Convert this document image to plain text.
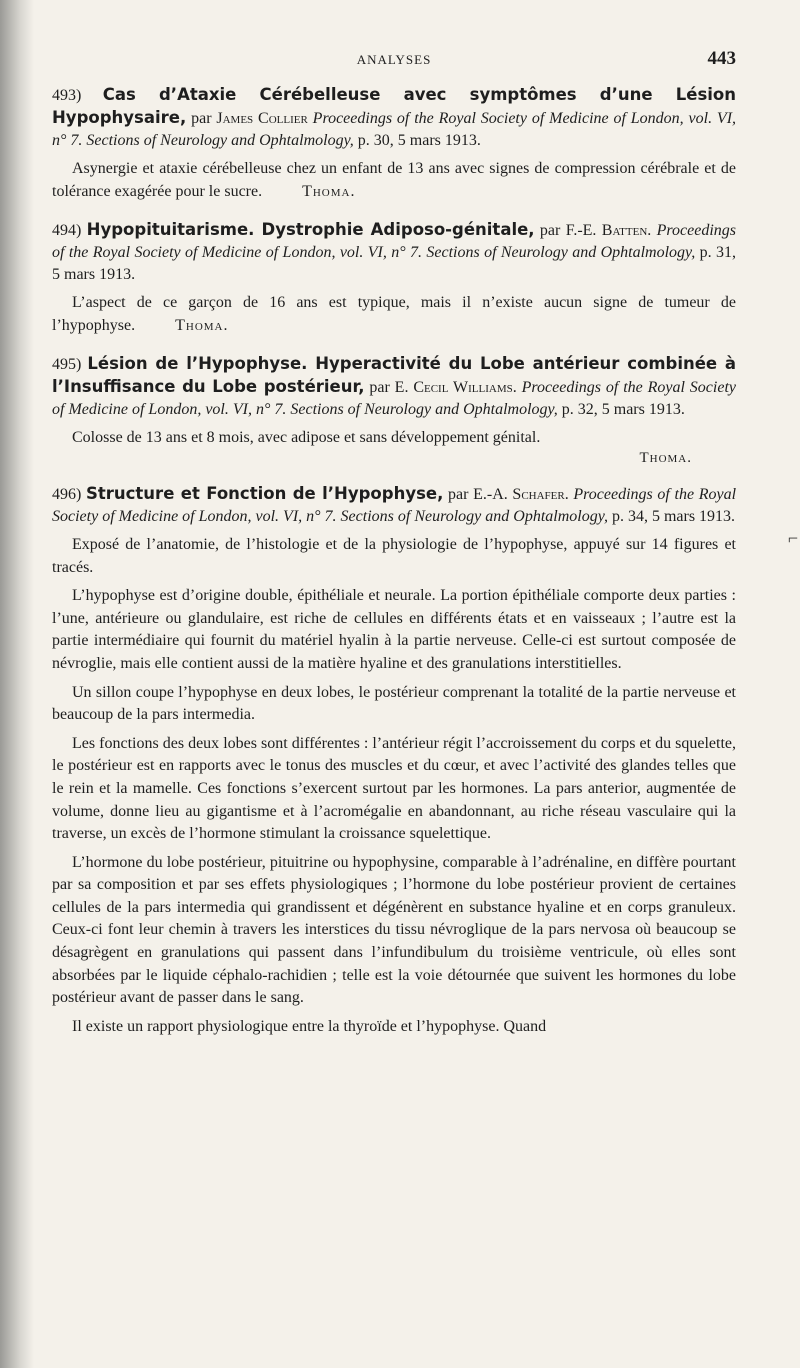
⌐
ANALYSES	443
493) Cas d’Ataxie Cérébelleuse avec symptômes d’une Lésion Hypophysaire, par James Collier Proceedings of the Royal Society of Medicine of London, vol. VI, n° 7. Sections of Neurology and Ophtalmology, p. 30, 5 mars 1913.

Asynergie et ataxie cérébelleuse chez un enfant de 13 ans avec signes de compression cérébrale et de tolérance exagérée pour le sucre.	Thoma.

494) Hypopituitarisme. Dystrophie Adiposo-génitale, par F.-E. Batten. Proceedings of the Royal Society of Medicine of London, vol. VI, n° 7. Sections of Neurology and Ophtalmology, p. 31, 5 mars 1913.

L’aspect de ce garçon de 16 ans est typique, mais il n’existe aucun signe de tumeur de l’hypophyse.	Thoma.

495) Lésion de l’Hypophyse. Hyperactivité du Lobe antérieur combinée à l’Insuffisance du Lobe postérieur, par E. Cecil Williams. Proceedings of the Royal Society of Medicine of London, vol. VI, n° 7. Sections of Neurology and Ophtalmology, p. 32, 5 mars 1913.

Colosse de 13 ans et 8 mois, avec adipose et sans développement génital.

Thoma.

496) Structure et Fonction de l’Hypophyse, par E.-A. Schafer. Proceedings of the Royal Society of Medicine of London, vol. VI, n° 7. Sections of Neurology and Ophtalmology, p. 34, 5 mars 1913.

Exposé de l’anatomie, de l’histologie et de la physiologie de l’hypophyse, appuyé sur 14 figures et tracés.

L’hypophyse est d’origine double, épithéliale et neurale. La portion épithéliale comporte deux parties : l’une, antérieure ou glandulaire, est riche de cellules en différents états et en vaisseaux ; l’autre est la partie intermédiaire qui fournit du matériel hyalin à la partie nerveuse. Celle-ci est surtout composée de névroglie, mais elle contient aussi de la matière hyaline et des granulations interstitielles.

Un sillon coupe l’hypophyse en deux lobes, le postérieur comprenant la totalité de la partie nerveuse et beaucoup de la pars intermedia.

Les fonctions des deux lobes sont différentes : l’antérieur régit l’accroissement du corps et du squelette, le postérieur est en rapports avec le tonus des muscles et du cœur, et avec l’activité des glandes telles que le rein et la mamelle. Ces fonctions s’exercent surtout par les hormones. La pars anterior, augmentée de volume, donne lieu au gigantisme et à l’acromégalie en abandonnant, au riche réseau vasculaire qui la traverse, un excès de l’hormone stimulant la croissance squelettique.

L’hormone du lobe postérieur, pituitrine ou hypophysine, comparable à l’adrénaline, en diffère pourtant par sa composition et par ses effets physiologiques ; l’hormone du lobe postérieur provient de certaines cellules de la pars intermedia qui grandissent et dégénèrent en substance hyaline et en corps granuleux. Ceux-ci font leur chemin à travers les interstices du tissu névroglique de la pars nervosa où beaucoup se désagrègent en granulations qui passent dans l’infundibulum du troisième ventricule, où elles sont absorbées par le liquide céphalo-rachidien ; telle est la voie détournée que suivent les hormones du lobe postérieur avant de passer dans le sang.

Il existe un rapport physiologique entre la thyroïde et l’hypophyse. Quand
